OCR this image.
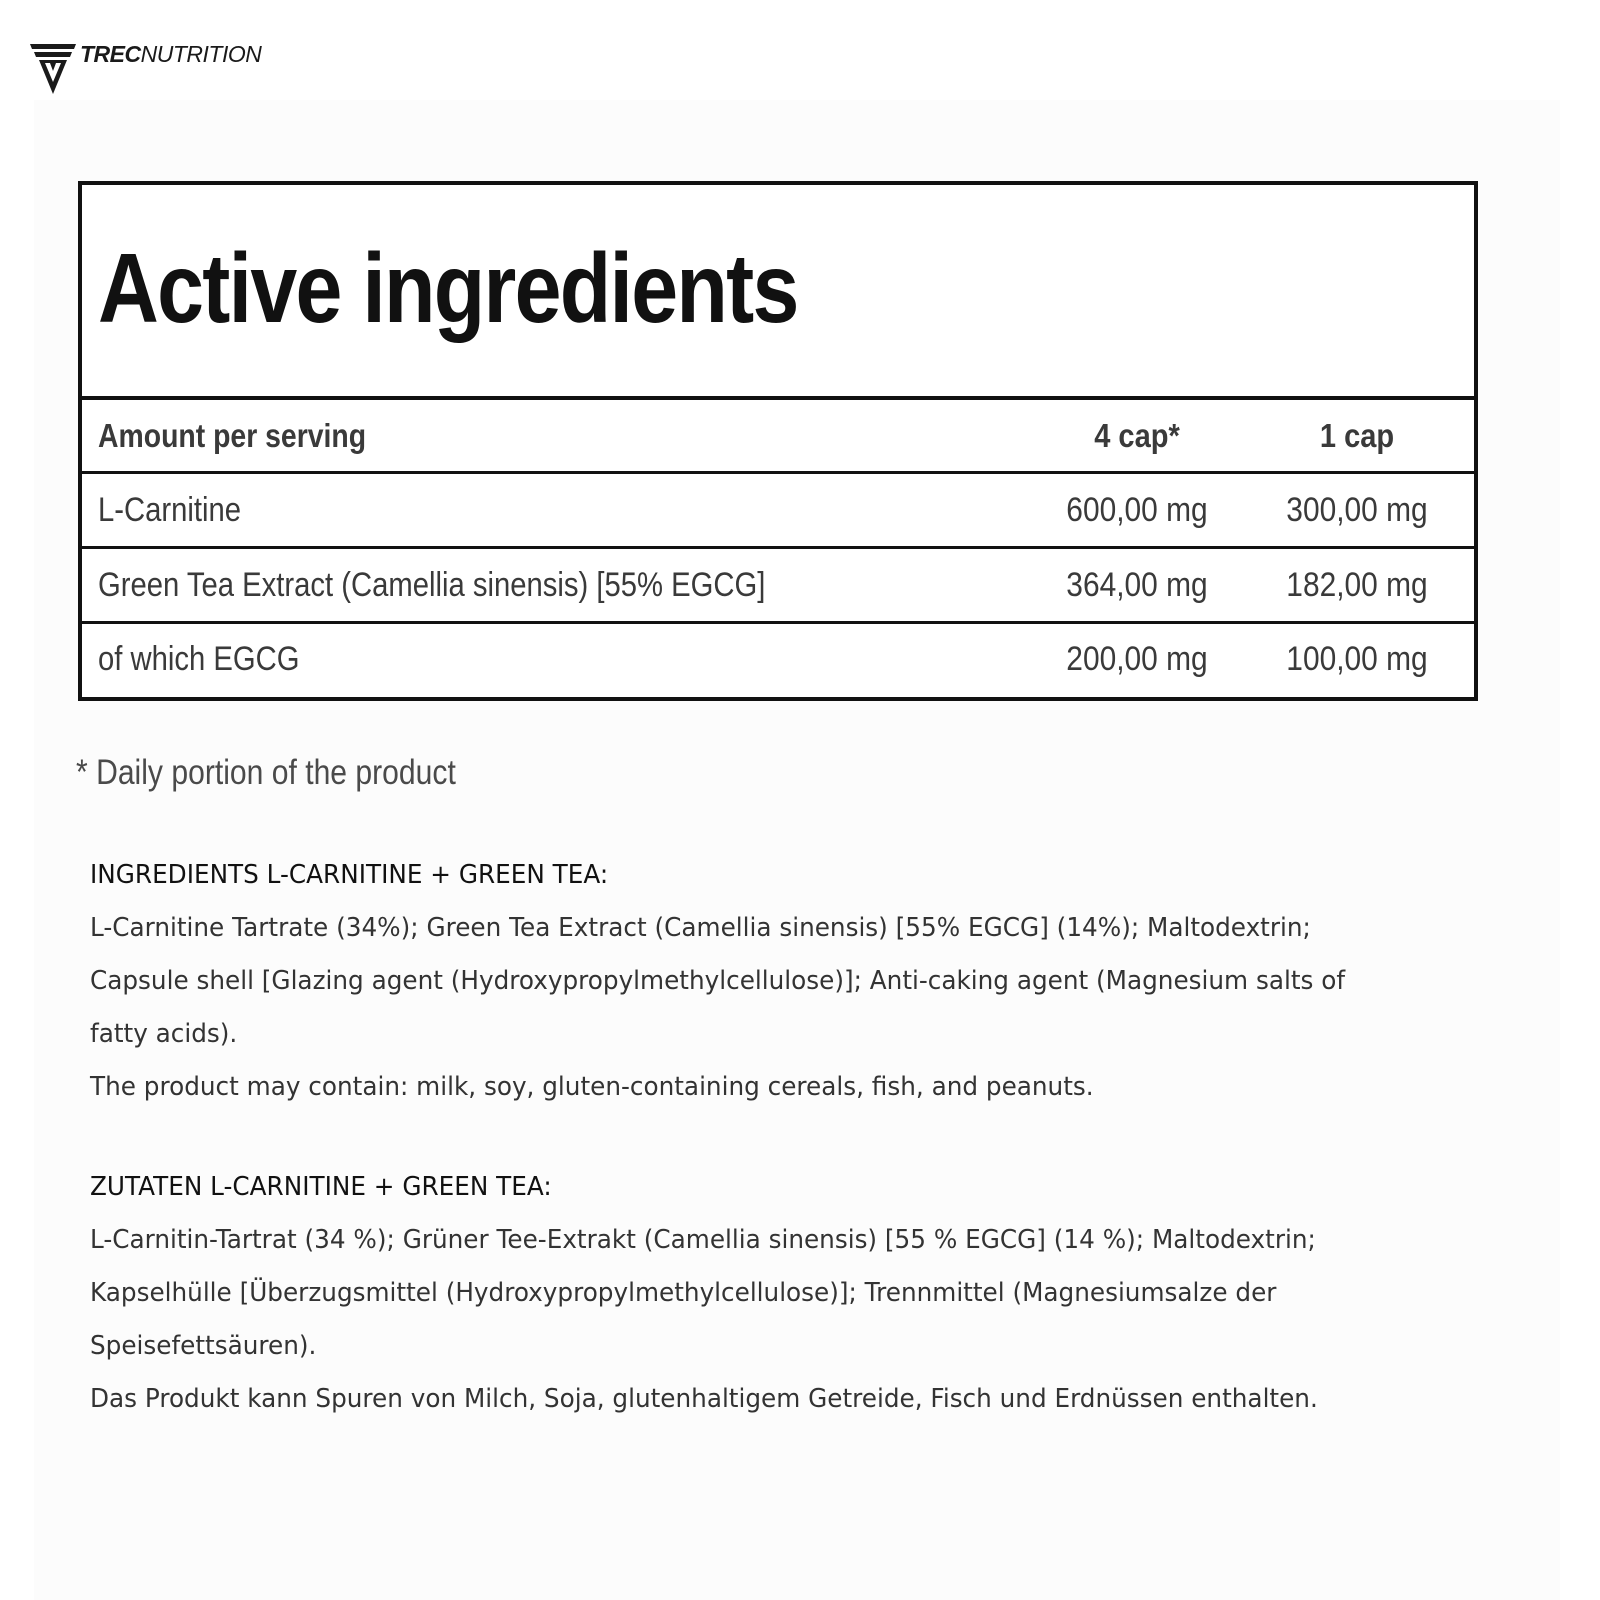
TRECNUTRITION
Active ingredients
Amount per serving	4 cap*	1 cap
L-Carnitine	600,00 mg	300,00 mg
Green Tea Extract (Camellia sinensis) [55% EGCG]	364,00 mg	182,00 mg
of which EGCG	200,00 mg	100,00 mg
* Daily portion of the product

INGREDIENTS L-CARNITINE + GREEN TEA:

L-Carnitine Tartrate (34%); Green Tea Extract (Camellia sinensis) [55% EGCG] (14%); Maltodextrin;

Capsule shell [Glazing agent (Hydroxypropylmethylcellulose)]; Anti-caking agent (Magnesium salts of

fatty acids).

The product may contain: milk, soy, gluten-containing cereals, fish, and peanuts.

ZUTATEN L-CARNITINE + GREEN TEA:

L-Carnitin-Tartrat (34 %); Grüner Tee-Extrakt (Camellia sinensis) [55 % EGCG] (14 %); Maltodextrin;

Kapselhülle [Überzugsmittel (Hydroxypropylmethylcellulose)]; Trennmittel (Magnesiumsalze der

Speisefettsäuren).

Das Produkt kann Spuren von Milch, Soja, glutenhaltigem Getreide, Fisch und Erdnüssen enthalten.
